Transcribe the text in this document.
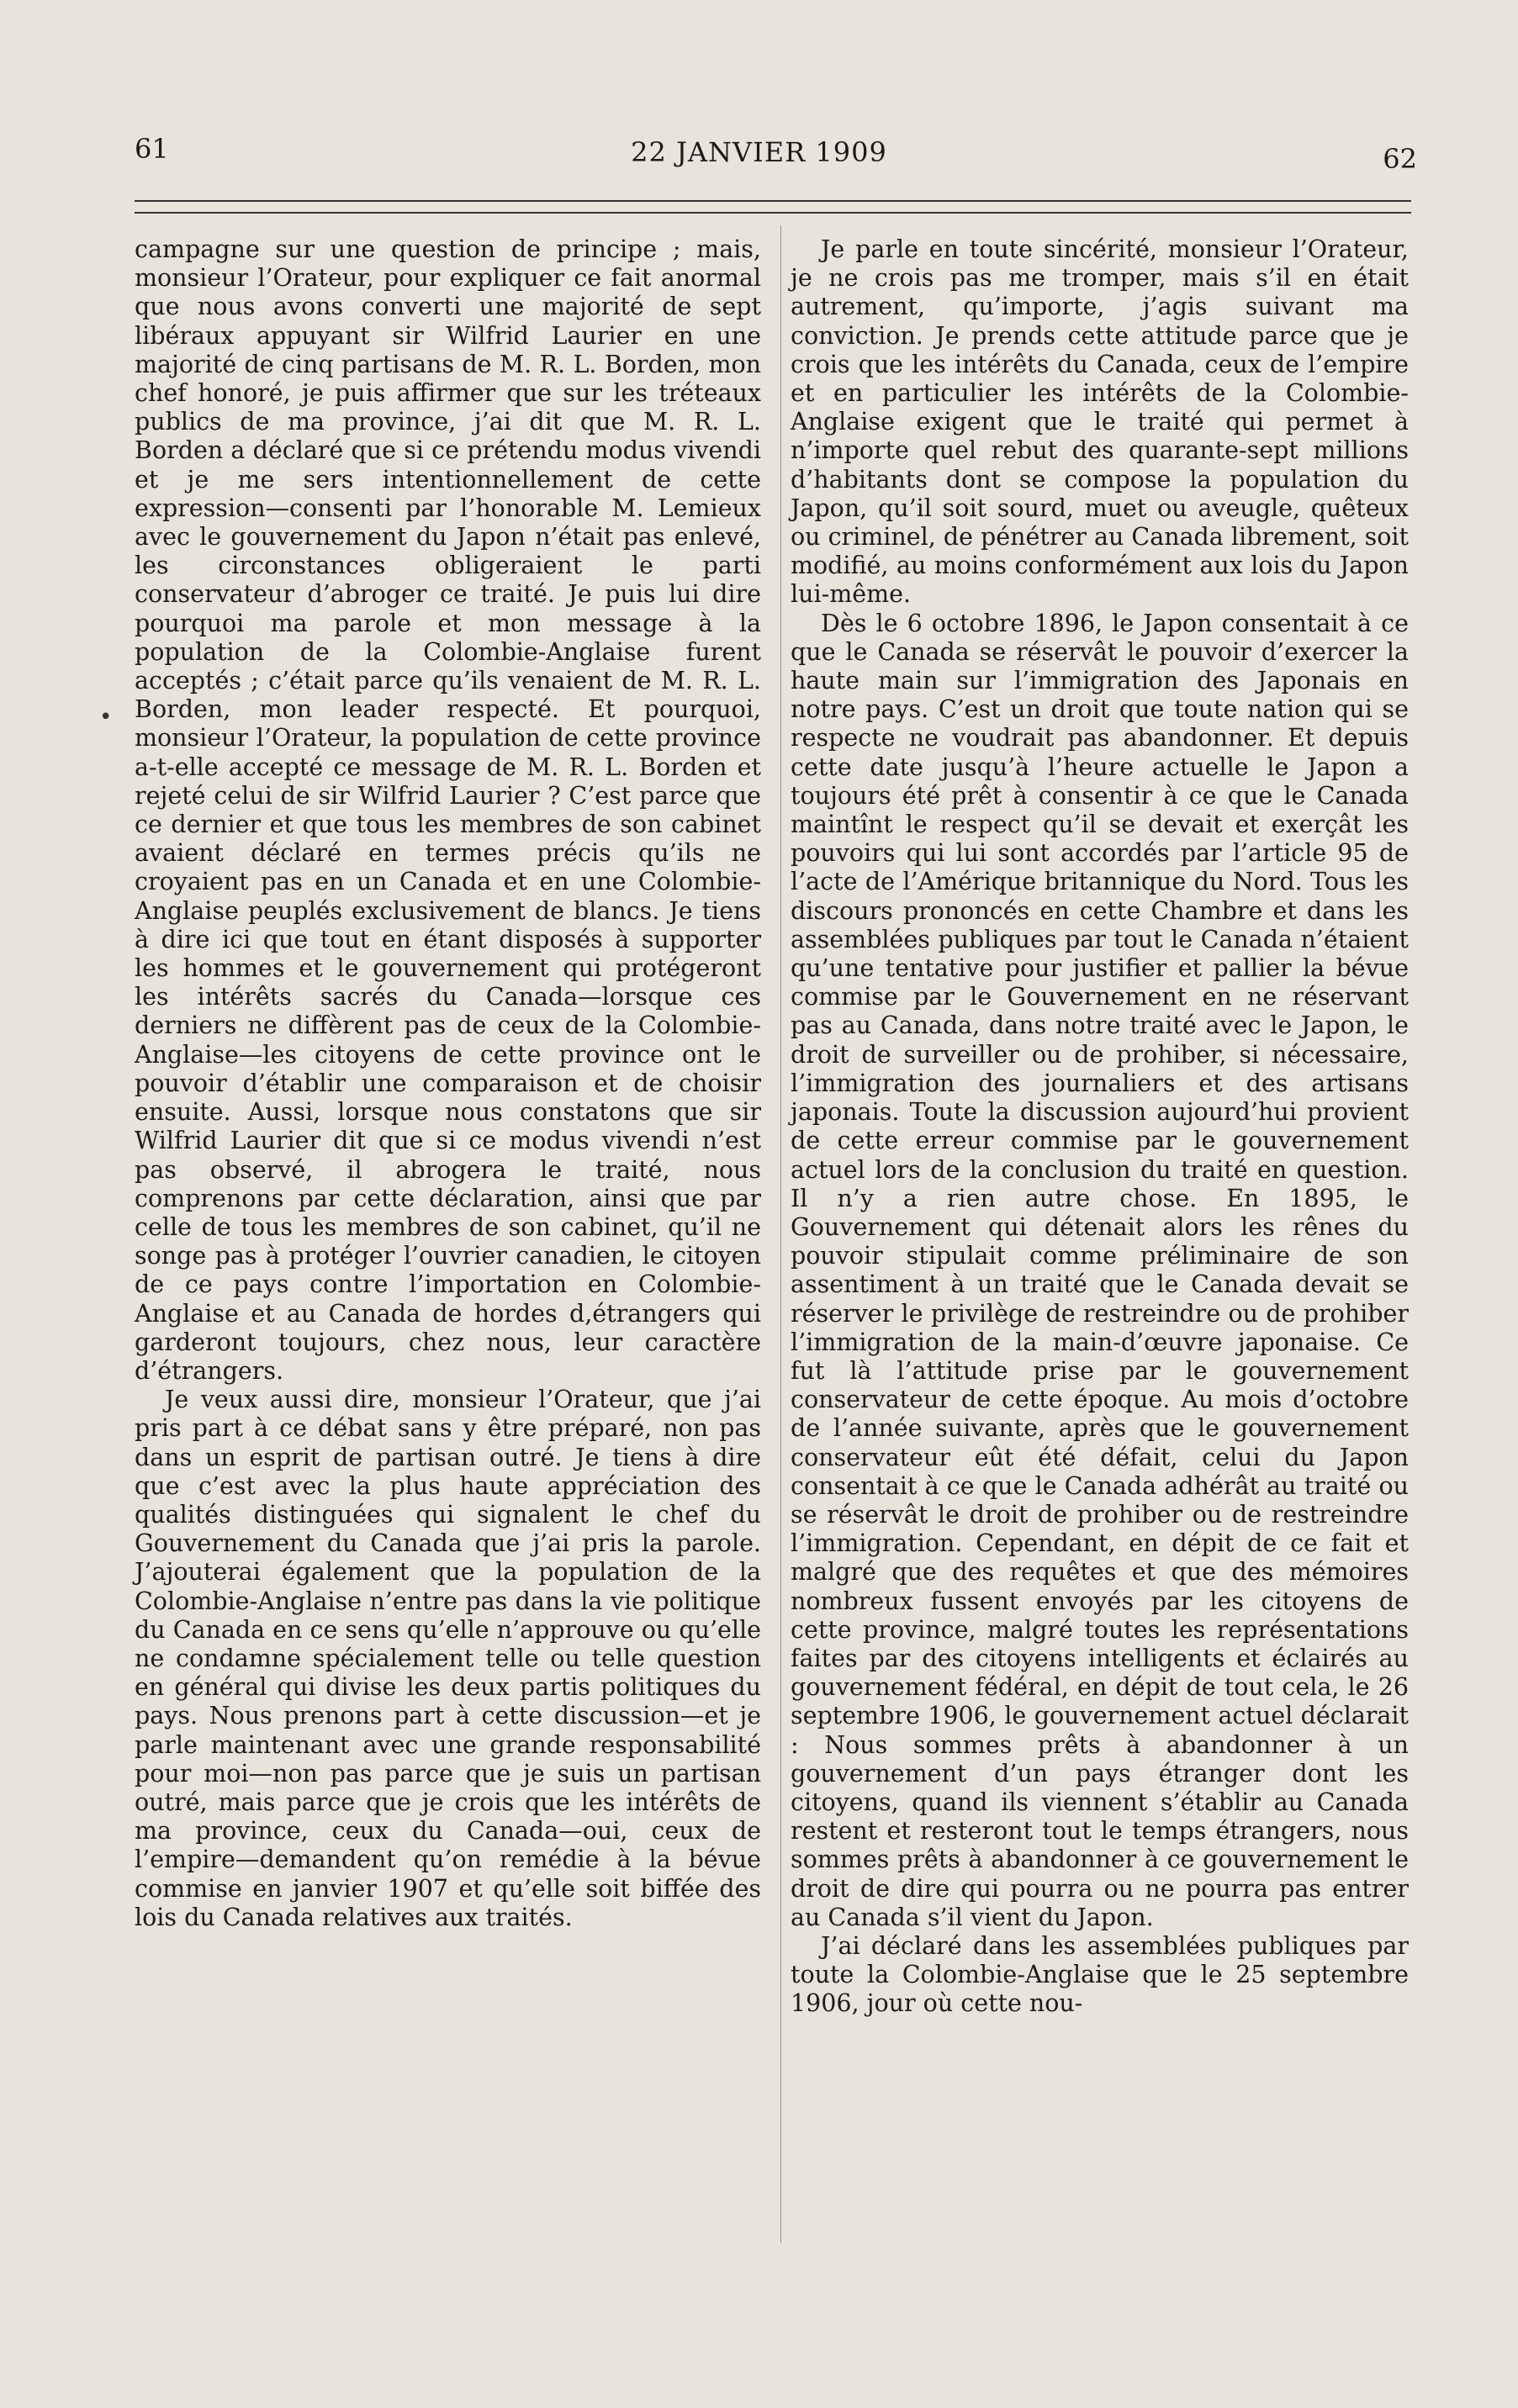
61	22 JANVIER 1909	62
•

campagne sur une question de principe ; mais, monsieur l’Orateur, pour expliquer ce fait anormal que nous avons converti une majorité de sept libéraux appuyant sir Wilfrid Laurier en une majorité de cinq partisans de M. R. L. Borden, mon chef honoré, je puis affirmer que sur les tréteaux publics de ma province, j’ai dit que M. R. L. Borden a déclaré que si ce prétendu modus vivendi et je me sers intentionnellement de cette expression—consenti par l’honorable M. Lemieux avec le gouvernement du Japon n’était pas enlevé, les circonstances obligeraient le parti conservateur d’abroger ce traité. Je puis lui dire pourquoi ma parole et mon message à la population de la Colombie-Anglaise furent acceptés ; c’était parce qu’ils venaient de M. R. L. Borden, mon leader respecté. Et pourquoi, monsieur l’Orateur, la population de cette province a-t-elle accepté ce message de M. R. L. Borden et rejeté celui de sir Wilfrid Laurier ? C’est parce que ce dernier et que tous les membres de son cabinet avaient déclaré en termes précis qu’ils ne croyaient pas en un Canada et en une Colombie-Anglaise peuplés exclusivement de blancs. Je tiens à dire ici que tout en étant disposés à supporter les hommes et le gouvernement qui protégeront les intérêts sacrés du Canada—lorsque ces derniers ne diffèrent pas de ceux de la Colombie-Anglaise—les citoyens de cette province ont le pouvoir d’établir une comparaison et de choisir ensuite. Aussi, lorsque nous constatons que sir Wilfrid Laurier dit que si ce modus vivendi n’est pas observé, il abrogera le traité, nous comprenons par cette déclaration, ainsi que par celle de tous les membres de son cabinet, qu’il ne songe pas à protéger l’ouvrier canadien, le citoyen de ce pays contre l’importation en Colombie-Anglaise et au Canada de hordes d,étrangers qui garderont toujours, chez nous, leur caractère d’étrangers.

Je veux aussi dire, monsieur l’Orateur, que j’ai pris part à ce débat sans y être préparé, non pas dans un esprit de partisan outré. Je tiens à dire que c’est avec la plus haute appréciation des qualités distinguées qui signalent le chef du Gouvernement du Canada que j’ai pris la parole. J’ajouterai également que la population de la Colombie-Anglaise n’entre pas dans la vie politique du Canada en ce sens qu’elle n’approuve ou qu’elle ne condamne spécialement telle ou telle question en général qui divise les deux partis politiques du pays. Nous prenons part à cette discussion—et je parle maintenant avec une grande responsabilité pour moi—non pas parce que je suis un partisan outré, mais parce que je crois que les intérêts de ma province, ceux du Canada—oui, ceux de l’empire—demandent qu’on remédie à la bévue commise en janvier 1907 et qu’elle soit biffée des lois du Canada relatives aux traités.

Je parle en toute sincérité, monsieur l’Orateur, je ne crois pas me tromper, mais s’il en était autrement, qu’importe, j’agis suivant ma conviction. Je prends cette attitude parce que je crois que les intérêts du Canada, ceux de l’empire et en particulier les intérêts de la Colombie-Anglaise exigent que le traité qui permet à n’importe quel rebut des quarante-sept millions d’habitants dont se compose la population du Japon, qu’il soit sourd, muet ou aveugle, quêteux ou criminel, de pénétrer au Canada librement, soit modifié, au moins conformément aux lois du Japon lui-même.

Dès le 6 octobre 1896, le Japon consentait à ce que le Canada se réservât le pouvoir d’exercer la haute main sur l’immigration des Japonais en notre pays. C’est un droit que toute nation qui se respecte ne voudrait pas abandonner. Et depuis cette date jusqu’à l’heure actuelle le Japon a toujours été prêt à consentir à ce que le Canada maintînt le respect qu’il se devait et exerçât les pouvoirs qui lui sont accordés par l’article 95 de l’acte de l’Amérique britannique du Nord. Tous les discours prononcés en cette Chambre et dans les assemblées publiques par tout le Canada n’étaient qu’une tentative pour justifier et pallier la bévue commise par le Gouvernement en ne réservant pas au Canada, dans notre traité avec le Japon, le droit de surveiller ou de prohiber, si nécessaire, l’immigration des journaliers et des artisans japonais. Toute la discussion aujourd’hui provient de cette erreur commise par le gouvernement actuel lors de la conclusion du traité en question. Il n’y a rien autre chose. En 1895, le Gouvernement qui détenait alors les rênes du pouvoir stipulait comme préliminaire de son assentiment à un traité que le Canada devait se réserver le privilège de restreindre ou de prohiber l’immigration de la main-d’œuvre japonaise. Ce fut là l’attitude prise par le gouvernement conservateur de cette époque. Au mois d’octobre de l’année suivante, après que le gouvernement conservateur eût été défait, celui du Japon consentait à ce que le Canada adhérât au traité ou se réservât le droit de prohiber ou de restreindre l’immigration. Cependant, en dépit de ce fait et malgré que des requêtes et que des mémoires nombreux fussent envoyés par les citoyens de cette province, malgré toutes les représentations faites par des citoyens intelligents et éclairés au gouvernement fédéral, en dépit de tout cela, le 26 septembre 1906, le gouvernement actuel déclarait : Nous sommes prêts à abandonner à un gouvernement d’un pays étranger dont les citoyens, quand ils viennent s’établir au Canada restent et resteront tout le temps étrangers, nous sommes prêts à abandonner à ce gouvernement le droit de dire qui pourra ou ne pourra pas entrer au Canada s’il vient du Japon.

J’ai déclaré dans les assemblées publiques par toute la Colombie-Anglaise que le 25 septembre 1906, jour où cette nou-
